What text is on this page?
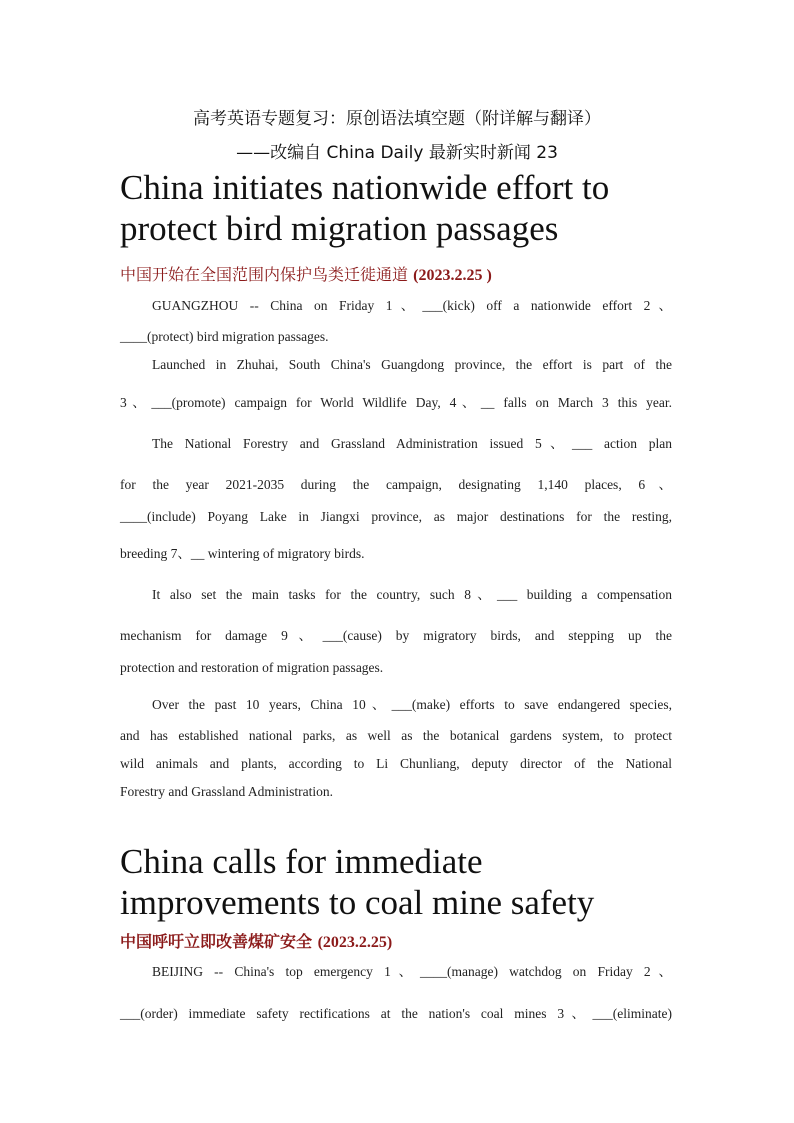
高考英语专题复习：原创语法填空题（附详解与翻译）
——改编自 China Daily 最新实时新闻 23
China initiates nationwide effort to
protect bird migration passages
中国开始在全国范围内保护鸟类迁徙通道 (2023.2.25 )
GUANGZHOU -- China on Friday 1、___(kick) off a nationwide effort 2、
____(protect) bird migration passages.
Launched in Zhuhai, South China's Guangdong province, the effort is part of the
3、___(promote) campaign for World Wildlife Day, 4、__ falls on March 3 this year.
The National Forestry and Grassland Administration issued 5、___ action plan
for the year 2021-2035 during the campaign, designating 1,140 places, 6、
____(include) Poyang Lake in Jiangxi province, as major destinations for the resting,
breeding 7、__ wintering of migratory birds.
It also set the main tasks for the country, such 8、___ building a compensation
mechanism for damage 9、___(cause) by migratory birds, and stepping up the
protection and restoration of migration passages.
Over the past 10 years, China 10、___(make) efforts to save endangered species,
and has established national parks, as well as the botanical gardens system, to protect
wild animals and plants, according to Li Chunliang, deputy director of the National
Forestry and Grassland Administration.
China calls for immediate
improvements to coal mine safety
中国呼吁立即改善煤矿安全 (2023.2.25)
BEIJING -- China's top emergency 1、____(manage) watchdog on Friday 2、
___(order) immediate safety rectifications at the nation's coal mines 3、___(eliminate)
